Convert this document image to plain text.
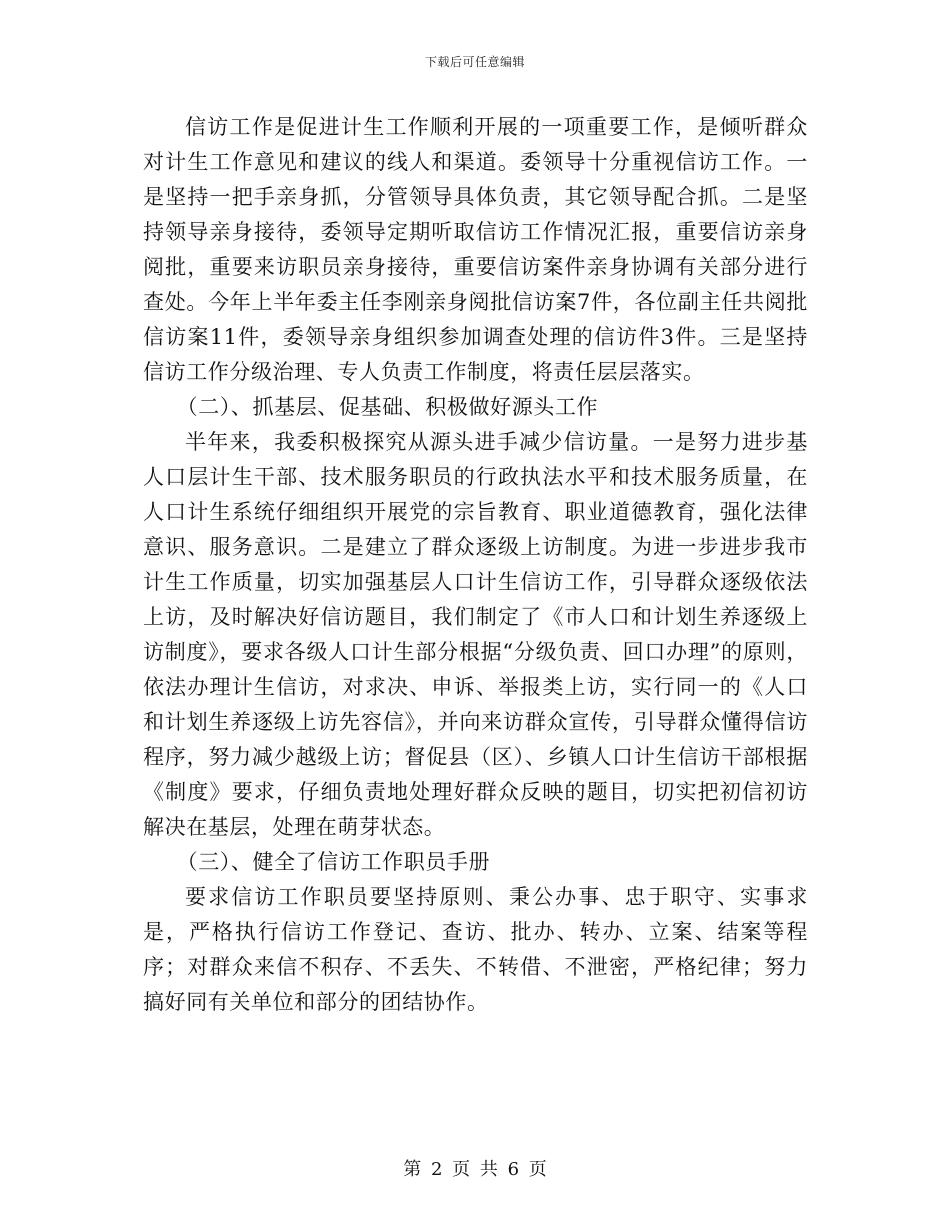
下载后可任意编辑

信访工作是促进计生工作顺利开展的一项重要工作，是倾听群众对计生工作意见和建议的线人和渠道。委领导十分重视信访工作。一是坚持一把手亲身抓，分管领导具体负责，其它领导配合抓。二是坚持领导亲身接待，委领导定期听取信访工作情况汇报，重要信访亲身阅批，重要来访职员亲身接待，重要信访案件亲身协调有关部分进行查处。今年上半年委主任李刚亲身阅批信访案7件，各位副主任共阅批信访案11件，委领导亲身组织参加调查处理的信访件3件。三是坚持信访工作分级治理、专人负责工作制度，将责任层层落实。

（二）、抓基层、促基础、积极做好源头工作

半年来，我委积极探究从源头进手减少信访量。一是努力进步基人口层计生干部、技术服务职员的行政执法水平和技术服务质量，在人口计生系统仔细组织开展党的宗旨教育、职业道德教育，强化法律意识、服务意识。二是建立了群众逐级上访制度。为进一步进步我市计生工作质量，切实加强基层人口计生信访工作，引导群众逐级依法上访，及时解决好信访题目，我们制定了《市人口和计划生养逐级上访制度》，要求各级人口计生部分根据“分级负责、回口办理”的原则，依法办理计生信访，对求决、申诉、举报类上访，实行同一的《人口和计划生养逐级上访先容信》，并向来访群众宣传，引导群众懂得信访程序，努力减少越级上访；督促县（区）、乡镇人口计生信访干部根据《制度》要求，仔细负责地处理好群众反映的题目，切实把初信初访解决在基层，处理在萌芽状态。

（三）、健全了信访工作职员手册

要求信访工作职员要坚持原则、秉公办事、忠于职守、实事求是，严格执行信访工作登记、查访、批办、转办、立案、结案等程序；对群众来信不积存、不丢失、不转借、不泄密，严格纪律；努力搞好同有关单位和部分的团结协作。

第 2 页 共 6 页
